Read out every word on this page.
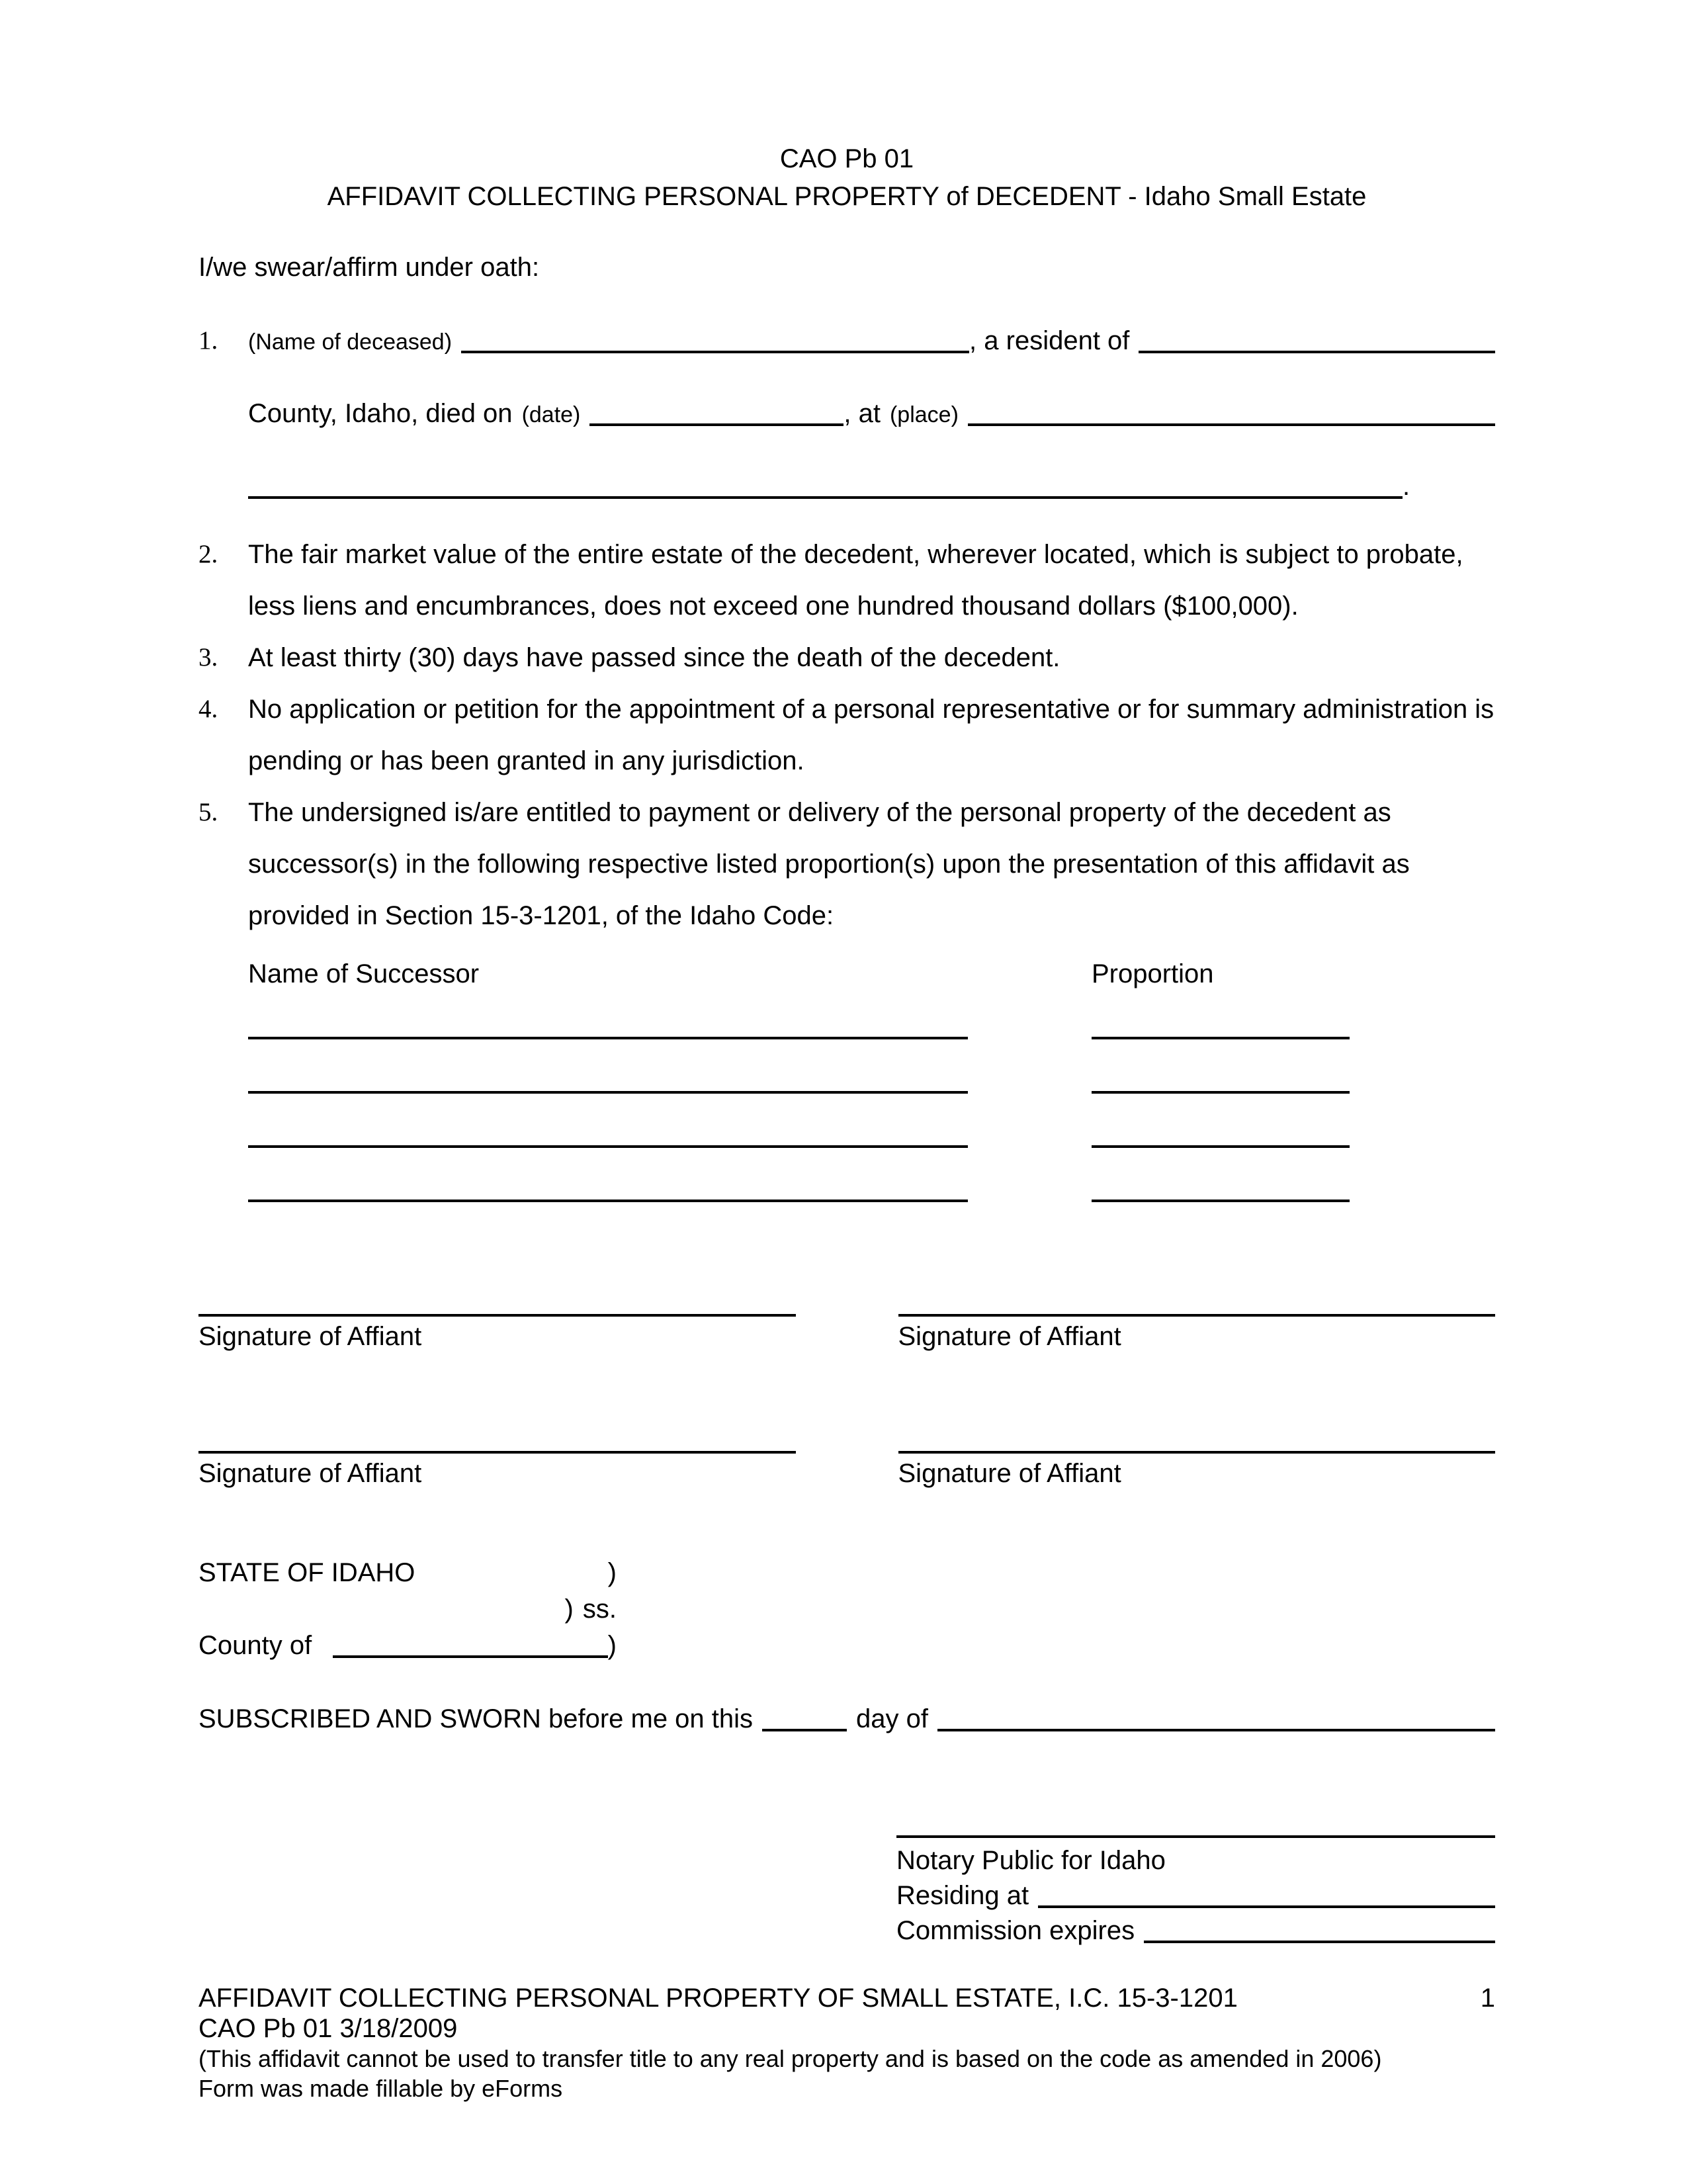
CAO Pb 01
AFFIDAVIT COLLECTING PERSONAL PROPERTY of DECEDENT - Idaho Small Estate

I/we swear/affirm under oath:

1. (Name of deceased)	, a resident of
County, Idaho, died on (date)	, at (place)
.
2. The fair market value of the entire estate of the decedent, wherever located, which is subject to probate, less liens and encumbrances, does not exceed one hundred thousand dollars ($100,000).
3. At least thirty (30) days have passed since the death of the decedent.
4. No application or petition for the appointment of a personal representative or for summary administration is pending or has been granted in any jurisdiction.
5. The undersigned is/are entitled to payment or delivery of the personal property of the decedent as successor(s) in the following respective listed proportion(s) upon the presentation of this affidavit as provided in Section 15-3-1201, of the Idaho Code:
Name of Successor	Proportion
Signature of Affiant	Signature of Affiant
Signature of Affiant	Signature of Affiant
STATE OF IDAHO	)
) ss.
County of	)
SUBSCRIBED AND SWORN before me on this	day of
Notary Public for Idaho
Residing at
Commission expires
AFFIDAVIT COLLECTING PERSONAL PROPERTY OF SMALL ESTATE, I.C. 15-3-1201	1
CAO Pb 01 3/18/2009
(This affidavit cannot be used to transfer title to any real property and is based on the code as amended in 2006)
Form was made fillable by eForms
